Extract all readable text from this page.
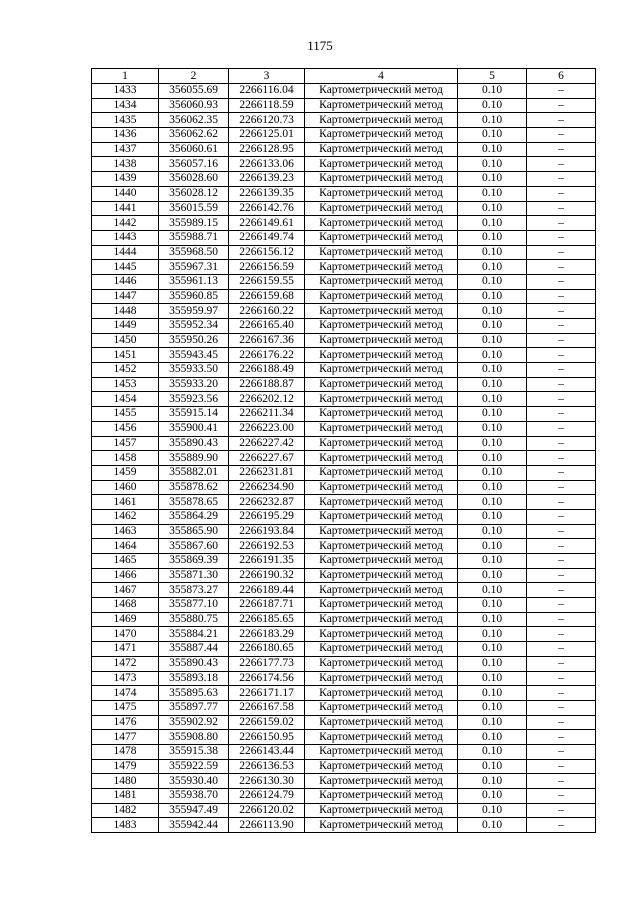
1175
1	2	3	4	5	6
1433	356055.69	2266116.04	Картометрический метод	0.10	–
1434	356060.93	2266118.59	Картометрический метод	0.10	–
1435	356062.35	2266120.73	Картометрический метод	0.10	–
1436	356062.62	2266125.01	Картометрический метод	0.10	–
1437	356060.61	2266128.95	Картометрический метод	0.10	–
1438	356057.16	2266133.06	Картометрический метод	0.10	–
1439	356028.60	2266139.23	Картометрический метод	0.10	–
1440	356028.12	2266139.35	Картометрический метод	0.10	–
1441	356015.59	2266142.76	Картометрический метод	0.10	–
1442	355989.15	2266149.61	Картометрический метод	0.10	–
1443	355988.71	2266149.74	Картометрический метод	0.10	–
1444	355968.50	2266156.12	Картометрический метод	0.10	–
1445	355967.31	2266156.59	Картометрический метод	0.10	–
1446	355961.13	2266159.55	Картометрический метод	0.10	–
1447	355960.85	2266159.68	Картометрический метод	0.10	–
1448	355959.97	2266160.22	Картометрический метод	0.10	–
1449	355952.34	2266165.40	Картометрический метод	0.10	–
1450	355950.26	2266167.36	Картометрический метод	0.10	–
1451	355943.45	2266176.22	Картометрический метод	0.10	–
1452	355933.50	2266188.49	Картометрический метод	0.10	–
1453	355933.20	2266188.87	Картометрический метод	0.10	–
1454	355923.56	2266202.12	Картометрический метод	0.10	–
1455	355915.14	2266211.34	Картометрический метод	0.10	–
1456	355900.41	2266223.00	Картометрический метод	0.10	–
1457	355890.43	2266227.42	Картометрический метод	0.10	–
1458	355889.90	2266227.67	Картометрический метод	0.10	–
1459	355882.01	2266231.81	Картометрический метод	0.10	–
1460	355878.62	2266234.90	Картометрический метод	0.10	–
1461	355878.65	2266232.87	Картометрический метод	0.10	–
1462	355864.29	2266195.29	Картометрический метод	0.10	–
1463	355865.90	2266193.84	Картометрический метод	0.10	–
1464	355867.60	2266192.53	Картометрический метод	0.10	–
1465	355869.39	2266191.35	Картометрический метод	0.10	–
1466	355871.30	2266190.32	Картометрический метод	0.10	–
1467	355873.27	2266189.44	Картометрический метод	0.10	–
1468	355877.10	2266187.71	Картометрический метод	0.10	–
1469	355880.75	2266185.65	Картометрический метод	0.10	–
1470	355884.21	2266183.29	Картометрический метод	0.10	–
1471	355887.44	2266180.65	Картометрический метод	0.10	–
1472	355890.43	2266177.73	Картометрический метод	0.10	–
1473	355893.18	2266174.56	Картометрический метод	0.10	–
1474	355895.63	2266171.17	Картометрический метод	0.10	–
1475	355897.77	2266167.58	Картометрический метод	0.10	–
1476	355902.92	2266159.02	Картометрический метод	0.10	–
1477	355908.80	2266150.95	Картометрический метод	0.10	–
1478	355915.38	2266143.44	Картометрический метод	0.10	–
1479	355922.59	2266136.53	Картометрический метод	0.10	–
1480	355930.40	2266130.30	Картометрический метод	0.10	–
1481	355938.70	2266124.79	Картометрический метод	0.10	–
1482	355947.49	2266120.02	Картометрический метод	0.10	–
1483	355942.44	2266113.90	Картометрический метод	0.10	–
